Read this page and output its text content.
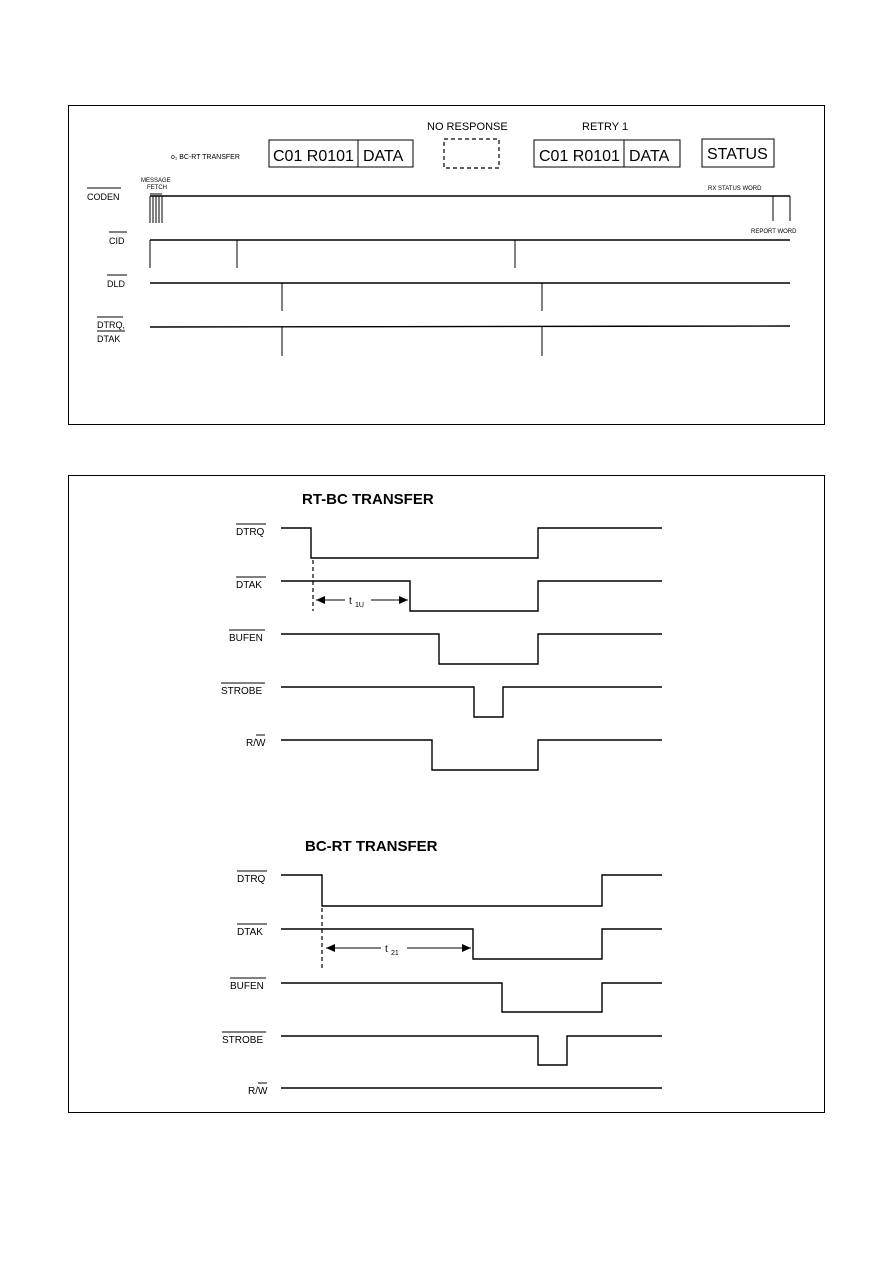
o₁ BC-RT TRANSFER C01 R0101 DATA
NO RESPONSE	RETRY 1
C01 R0101 DATA STATUS
MESSAGE
FETCH	RX STATUS WORD
REPORT WORD
CODEN
CID
DLD
DTRQ,
DTAK
RT-BC TRANSFER
DTRQ
DTAK
BUFEN
STROBE
R/W
t 1U
BC-RT TRANSFER
DTRQ
DTAK
BUFEN
STROBE
R/W
t 21
